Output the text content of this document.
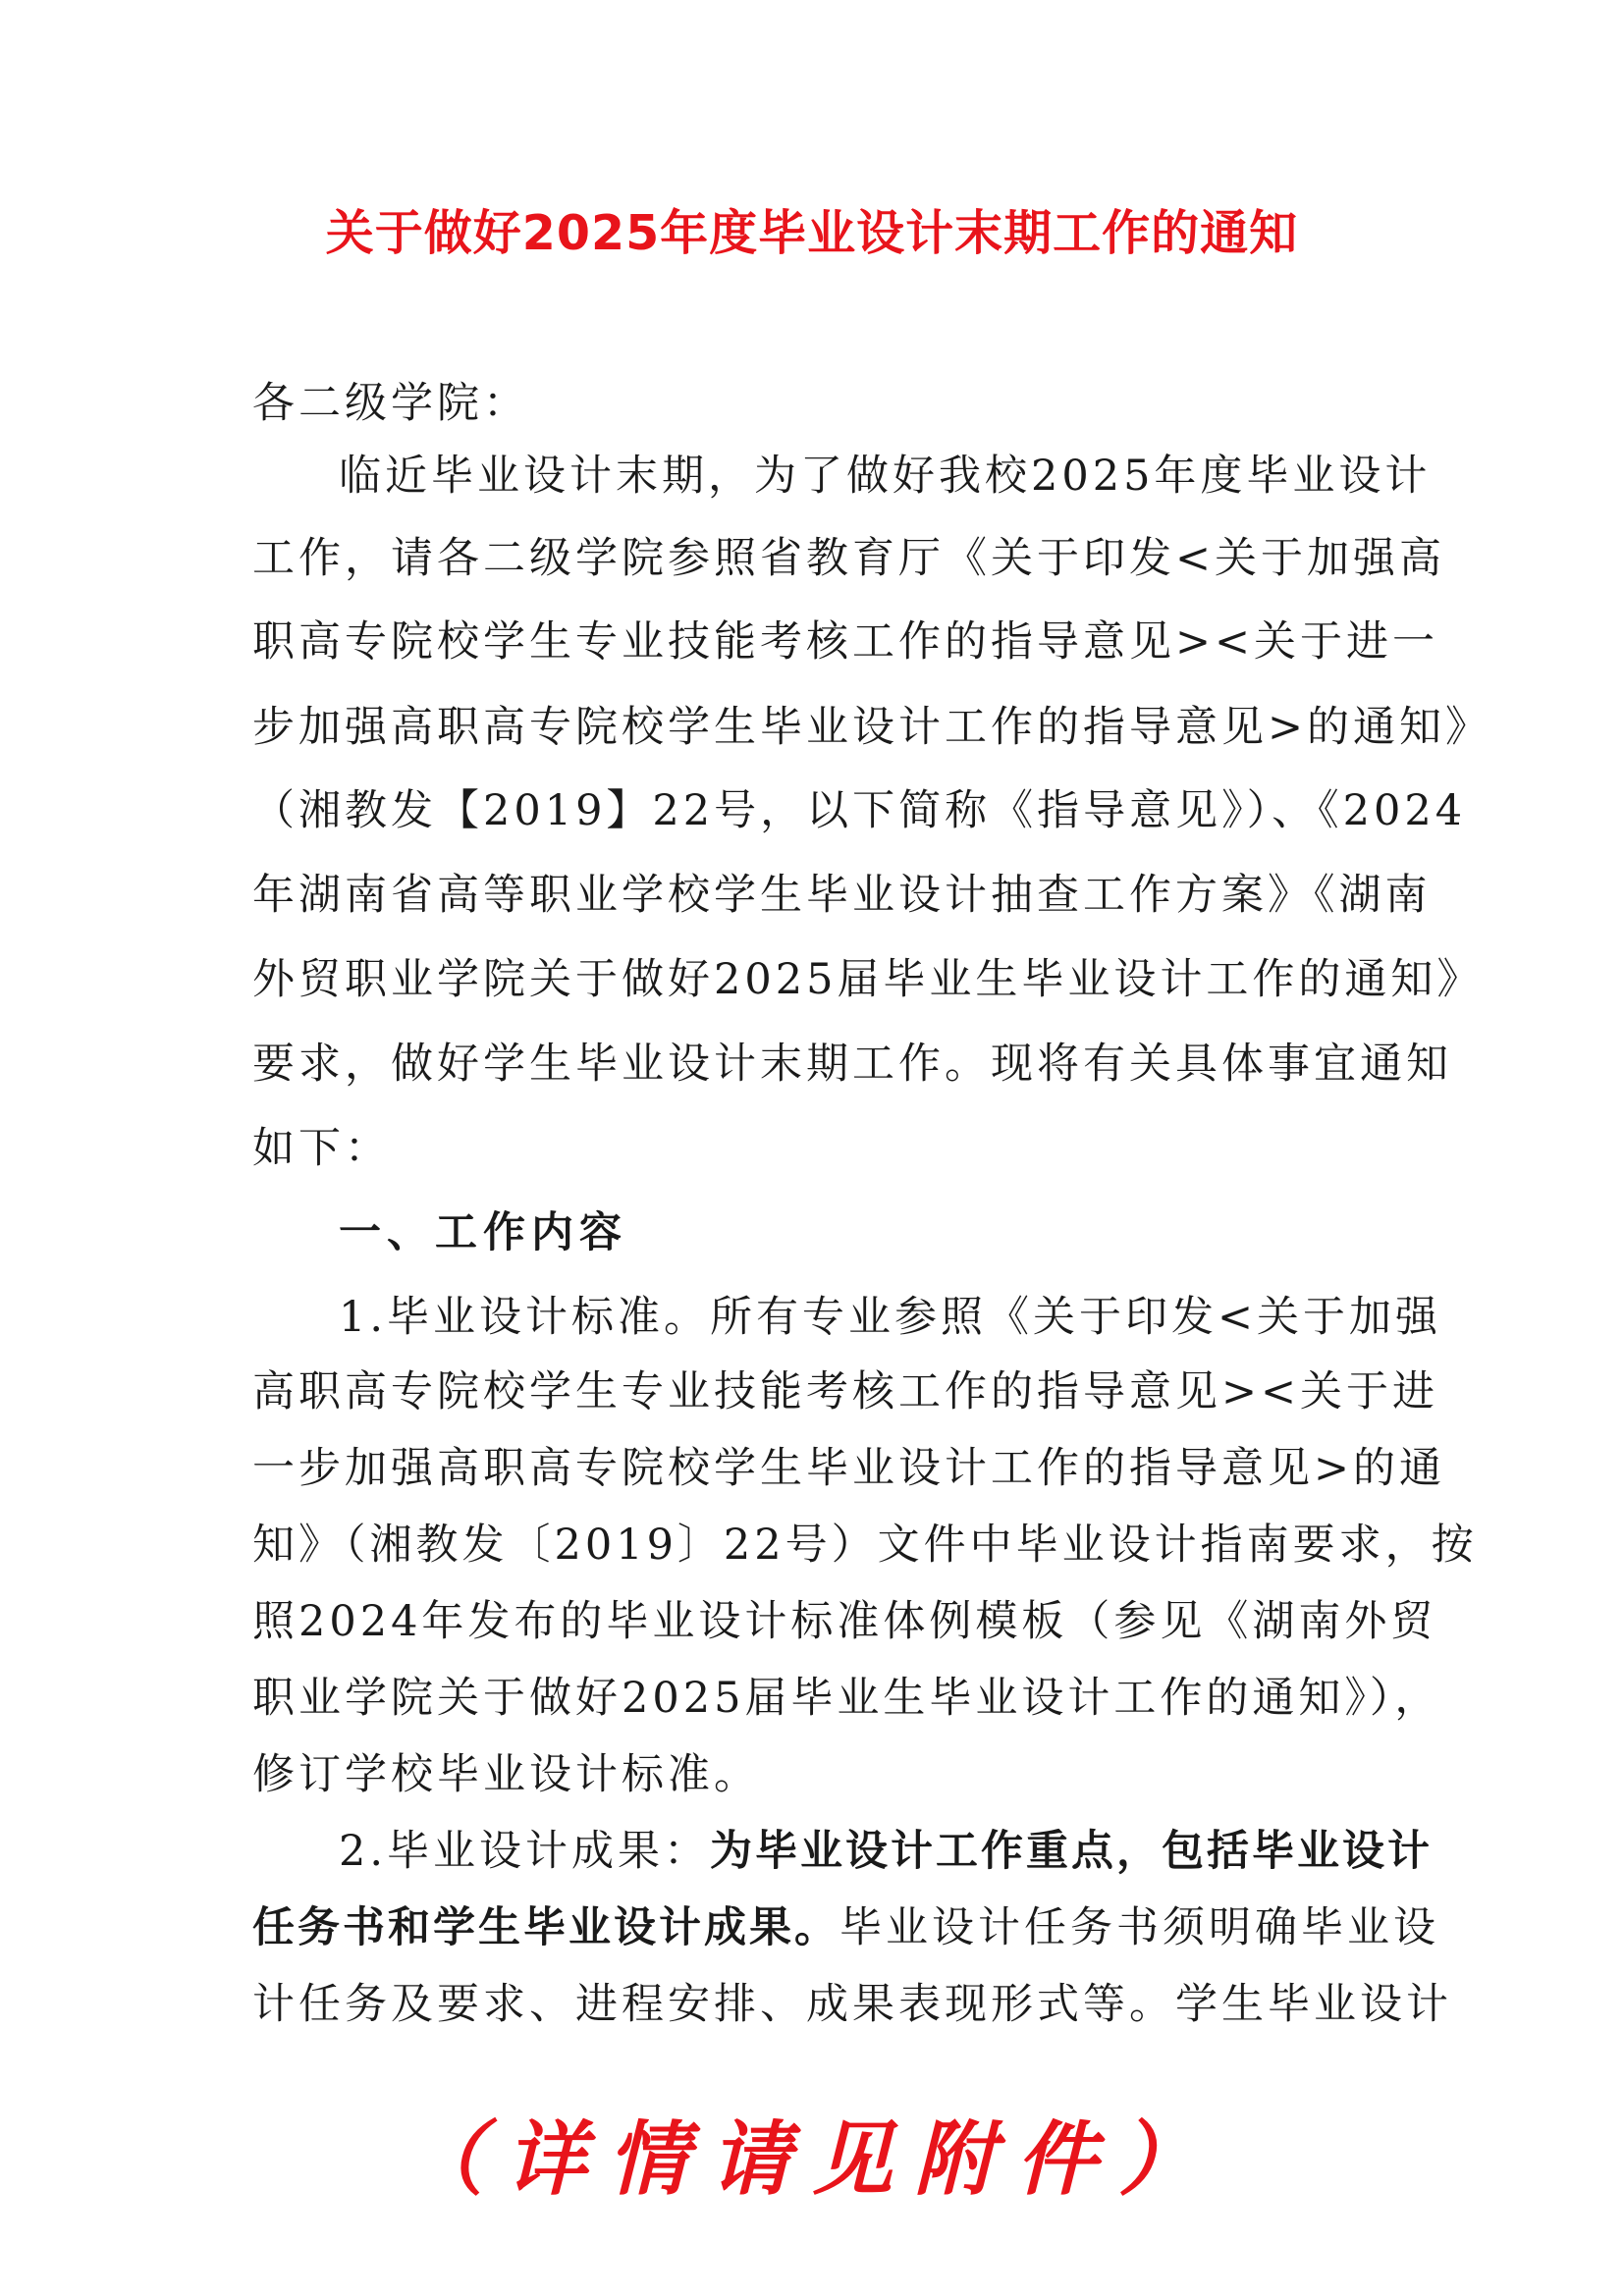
关于做好2025年度毕业设计末期工作的通知
各二级学院：
临近毕业设计末期，为了做好我校2025年度毕业设计
工作，请各二级学院参照省教育厅《关于印发<关于加强高
职高专院校学生专业技能考核工作的指导意见><关于进一
步加强高职高专院校学生毕业设计工作的指导意见>的通知》
（湘教发【2019】22号，以下简称《指导意见》）、《2024
年湖南省高等职业学校学生毕业设计抽查工作方案》《湖南
外贸职业学院关于做好2025届毕业生毕业设计工作的通知》
要求，做好学生毕业设计末期工作。现将有关具体事宜通知
如下：
一、工作内容
1.毕业设计标准。所有专业参照《关于印发<关于加强
高职高专院校学生专业技能考核工作的指导意见><关于进
一步加强高职高专院校学生毕业设计工作的指导意见>的通
知》（湘教发〔2019〕22号）文件中毕业设计指南要求，按
照2024年发布的毕业设计标准体例模板（参见《湖南外贸
职业学院关于做好2025届毕业生毕业设计工作的通知》），
修订学校毕业设计标准。
2.毕业设计成果：为毕业设计工作重点，包括毕业设计
任务书和学生毕业设计成果。毕业设计任务书须明确毕业设
计任务及要求、进程安排、成果表现形式等。学生毕业设计
（详情请见附件）
